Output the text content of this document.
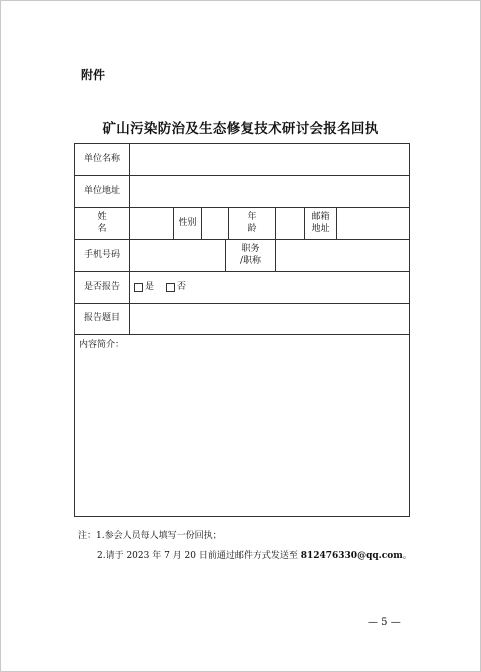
附件
矿山污染防治及生态修复技术研讨会报名回执
单位名称
单位地址
姓 名
性别
年 龄
邮箱
地址
手机号码
职务
/职称
是否报告	是	否
报告题目
内容简介：
注：1.参会人员每人填写一份回执；
2.请于 2023 年 7 月 20 日前通过邮件方式发送至 812476330@qq.com。
— 5 —
